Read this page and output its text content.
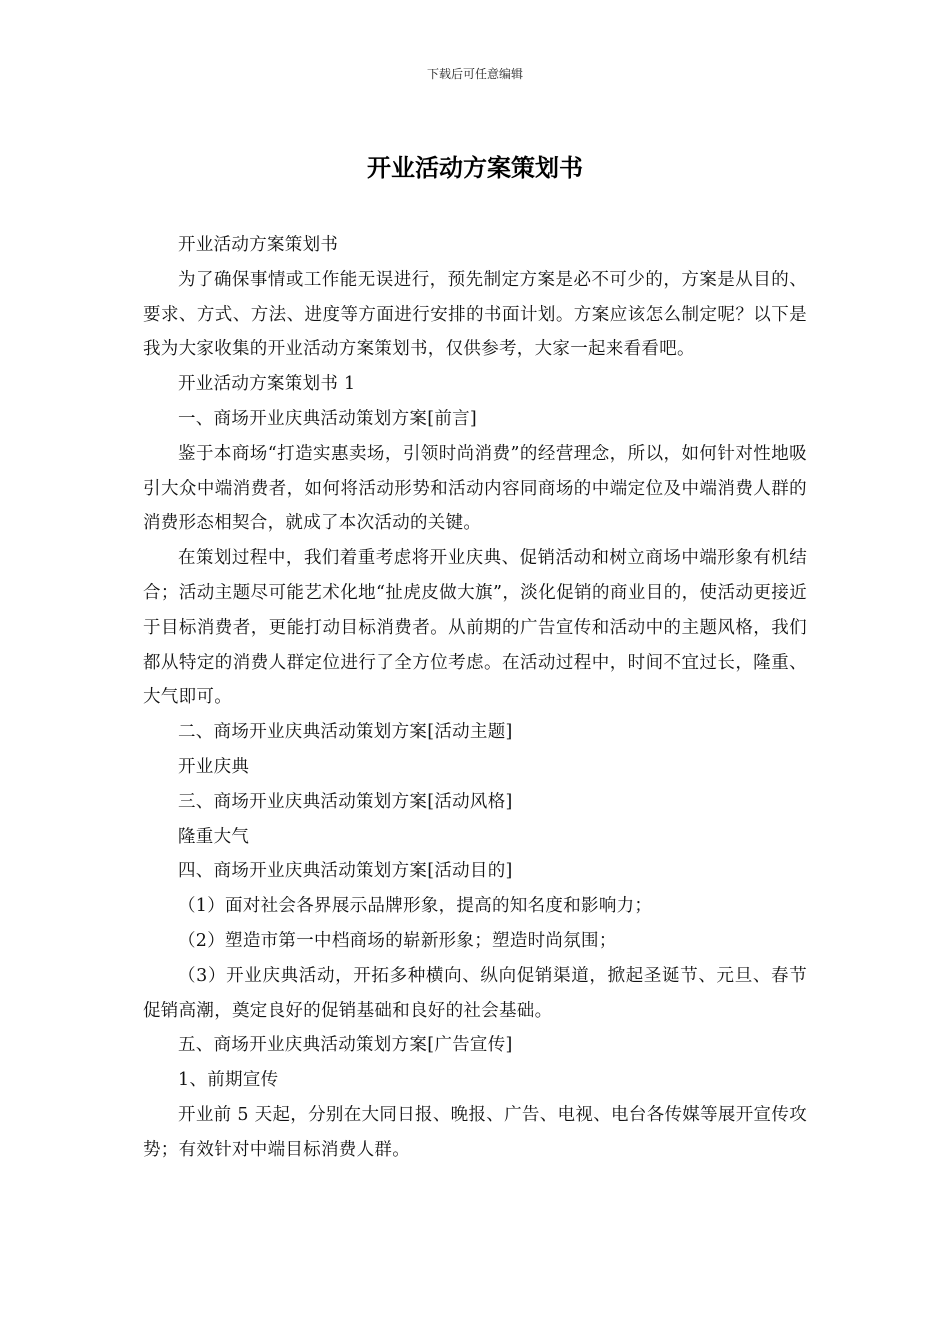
下载后可任意编辑
开业活动方案策划书

开业活动方案策划书

为了确保事情或工作能无误进行，预先制定方案是必不可少的，方案是从目的、要求、方式、方法、进度等方面进行安排的书面计划。方案应该怎么制定呢？以下是我为大家收集的开业活动方案策划书，仅供参考，大家一起来看看吧。

开业活动方案策划书 1

一、商场开业庆典活动策划方案[前言]

鉴于本商场“打造实惠卖场，引领时尚消费”的经营理念，所以，如何针对性地吸引大众中端消费者，如何将活动形势和活动内容同商场的中端定位及中端消费人群的消费形态相契合，就成了本次活动的关键。

在策划过程中，我们着重考虑将开业庆典、促销活动和树立商场中端形象有机结合；活动主题尽可能艺术化地“扯虎皮做大旗”，淡化促销的商业目的，使活动更接近于目标消费者，更能打动目标消费者。从前期的广告宣传和活动中的主题风格，我们都从特定的消费人群定位进行了全方位考虑。在活动过程中，时间不宜过长，隆重、大气即可。

二、商场开业庆典活动策划方案[活动主题]

开业庆典

三、商场开业庆典活动策划方案[活动风格]

隆重大气

四、商场开业庆典活动策划方案[活动目的]

（1）面对社会各界展示品牌形象，提高的知名度和影响力；

（2）塑造市第一中档商场的崭新形象；塑造时尚氛围；

（3）开业庆典活动，开拓多种横向、纵向促销渠道，掀起圣诞节、元旦、春节促销高潮，奠定良好的促销基础和良好的社会基础。

五、商场开业庆典活动策划方案[广告宣传]

1、前期宣传

开业前 5 天起，分别在大同日报、晚报、广告、电视、电台各传媒等展开宣传攻势；有效针对中端目标消费人群。
